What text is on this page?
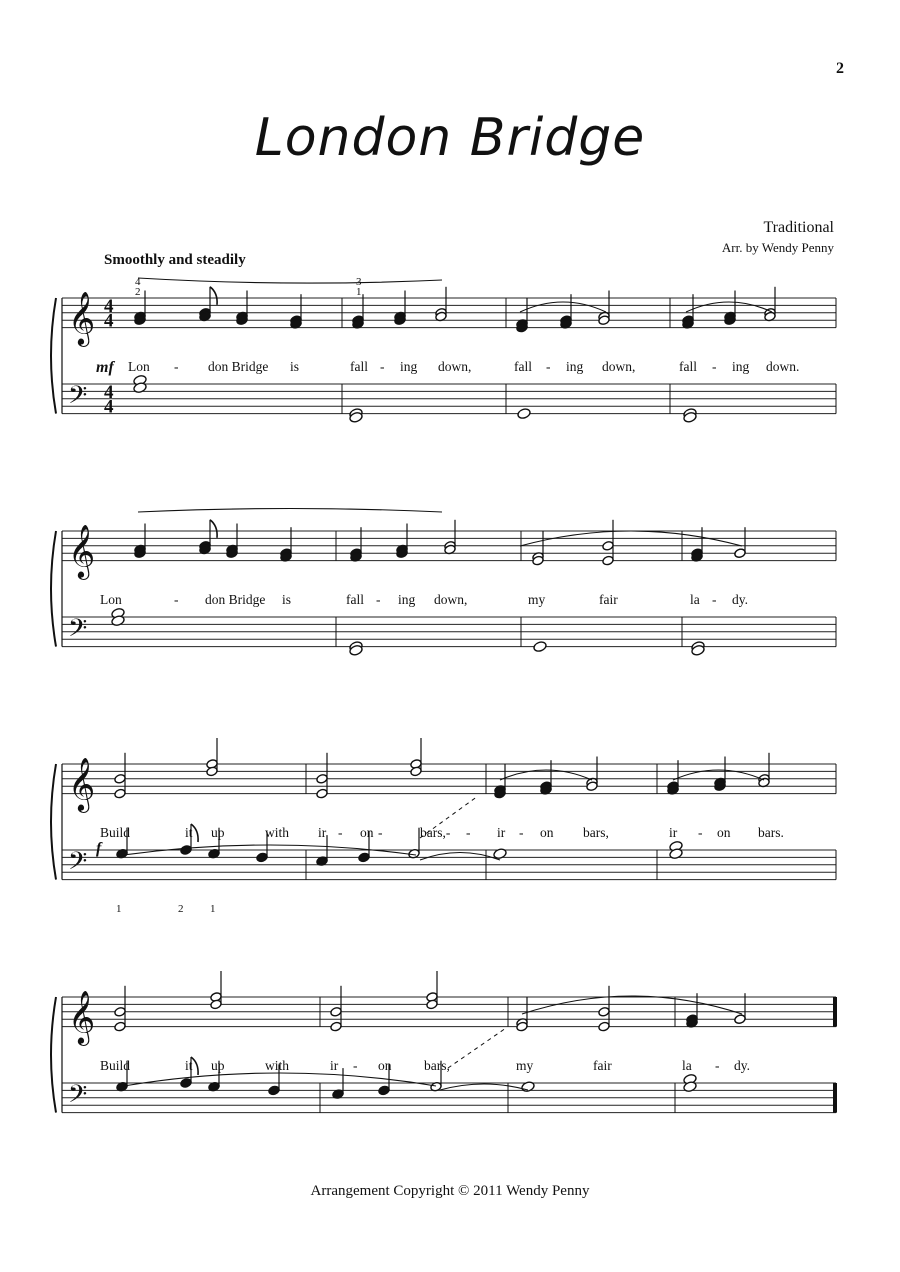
2
London Bridge
Traditional
Arr. by Wendy Penny
Smoothly and steadily
𝄞
𝄢
4
4
4
4
𝄞
𝄢
𝄞
𝄢
𝄞
𝄢
Lon - don Bridge is	fall - ing down,	fall - ing down,	fall - ing down.
mf
4
2
3
1
Lon	- don Bridge is	fall - ing down,	my	fair	la - dy.
Build	it up	with ir - on -	bars,- - ir - on bars,	ir - on bars.
f
1	2 1
Build	it up	with	ir - on bars,	my	fair	la - dy.
Arrangement Copyright © 2011 Wendy Penny
